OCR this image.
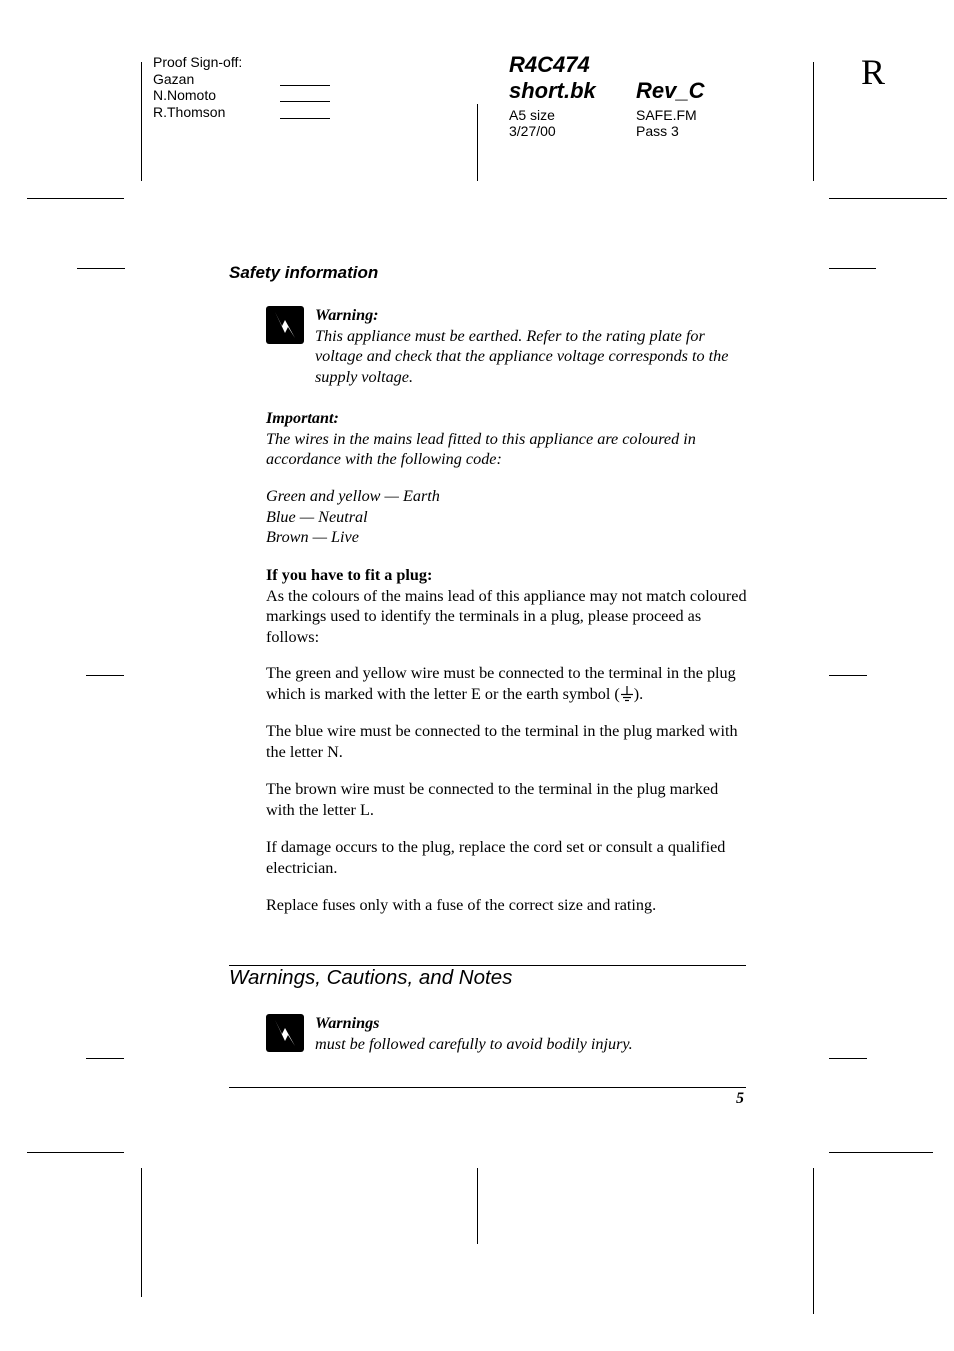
Proof Sign-off:
Gazan
N.Nomoto
R.Thomson
R4C474
short.bk Rev_C
A5 size
3/27/00
SAFE.FM
Pass 3
R
Safety information

Warning:

This appliance must be earthed. Refer to the rating plate for voltage and check that the appliance voltage corresponds to the supply voltage.

Important:

The wires in the mains lead fitted to this appliance are coloured in accordance with the following code:

Green and yellow — Earth

Blue — Neutral

Brown — Live

If you have to fit a plug:

As the colours of the mains lead of this appliance may not match coloured markings used to identify the terminals in a plug, please proceed as follows:

The green and yellow wire must be connected to the terminal in the plug which is marked with the letter E or the earth symbol ( ).

The blue wire must be connected to the terminal in the plug marked with the letter N.

The brown wire must be connected to the terminal in the plug marked with the letter L.

If damage occurs to the plug, replace the cord set or consult a qualified electrician.

Replace fuses only with a fuse of the correct size and rating.

Warnings, Cautions, and Notes

Warnings

must be followed carefully to avoid bodily injury.

5
